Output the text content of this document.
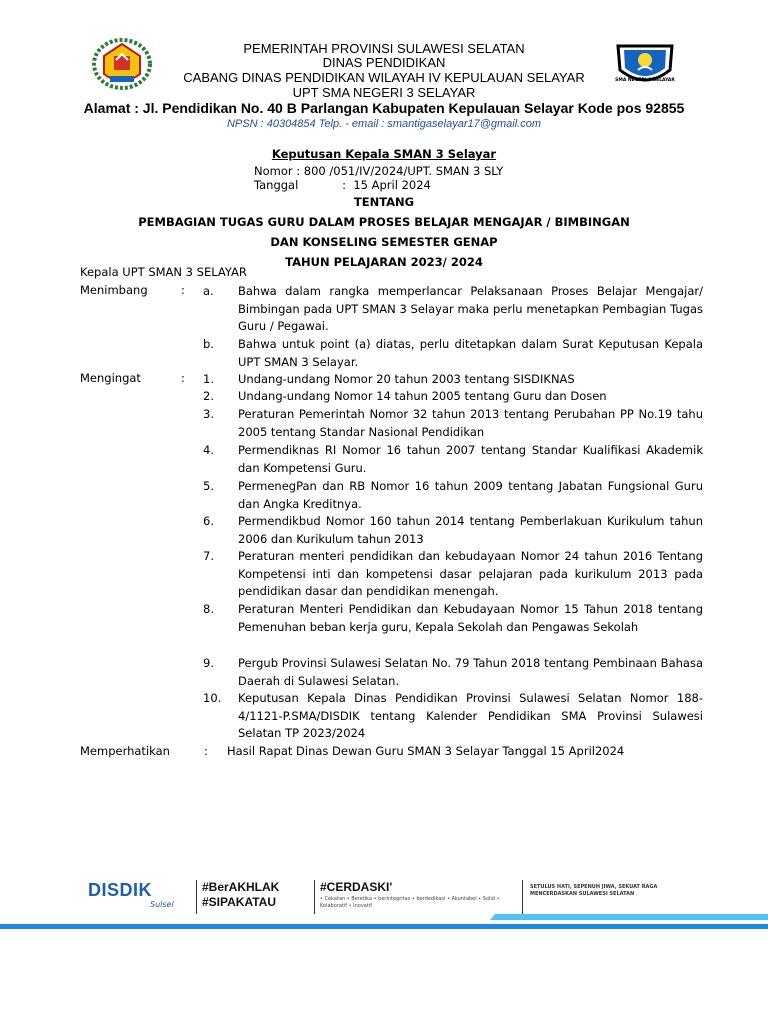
PEMERINTAH PROVINSI SULAWESI SELATAN
DINAS PENDIDIKAN
CABANG DINAS PENDIDIKAN WILAYAH IV KEPULAUAN SELAYAR
UPT SMA NEGERI 3 SELAYAR
Alamat : Jl. Pendidikan No. 40 B Parlangan Kabupaten Kepulauan Selayar Kode pos 92855
NPSN : 40304854 Telp. - email : smantigaselayar17@gmail.com
SMA NEGERI 3 SELAYAR
Keputusan Kepala SMAN 3 Selayar
Nomor : 800 /051/IV/2024/UPT. SMAN 3 SLY
Tanggal            :  15 April 2024
TENTANG
PEMBAGIAN TUGAS GURU DALAM PROSES BELAJAR MENGAJAR / BIMBINGAN
DAN KONSELING SEMESTER GENAP
TAHUN PELAJARAN 2023/ 2024
Kepala UPT SMAN 3 SELAYAR
Menimbang	: a. Bahwa dalam rangka memperlancar Pelaksanaan Proses Belajar Mengajar/ Bimbingan pada UPT SMAN 3 Selayar maka perlu menetapkan Pembagian Tugas Guru / Pegawai.
b. Bahwa untuk point (a) diatas, perlu ditetapkan dalam Surat Keputusan Kepala UPT SMAN 3 Selayar.
Mengingat	: 1. Undang-undang Nomor 20 tahun 2003 tentang SISDIKNAS
2. Undang-undang Nomor 14 tahun 2005 tentang Guru dan Dosen
3. Peraturan Pemerintah Nomor 32 tahun 2013 tentang Perubahan PP No.19 tahu 2005 tentang Standar Nasional Pendidikan
4. Permendiknas RI Nomor 16 tahun 2007 tentang Standar Kualifikasi Akademik dan Kompetensi Guru.
5. PermenegPan dan RB Nomor 16 tahun 2009 tentang Jabatan Fungsional Guru dan Angka Kreditnya.
6. Permendikbud Nomor 160 tahun 2014 tentang Pemberlakuan Kurikulum tahun 2006 dan Kurikulum tahun 2013
7. Peraturan menteri pendidikan dan kebudayaan Nomor 24 tahun 2016 Tentang Kompetensi inti dan kompetensi dasar pelajaran pada kurikulum 2013 pada pendidikan dasar dan pendidikan menengah.
8. Peraturan Menteri Pendidikan dan Kebudayaan Nomor 15 Tahun 2018 tentang Pemenuhan beban kerja guru, Kepala Sekolah dan Pengawas Sekolah
9. Pergub Provinsi Sulawesi Selatan No. 79 Tahun 2018 tentang Pembinaan Bahasa Daerah di Sulawesi Selatan.
10. Keputusan Kepala Dinas Pendidikan Provinsi Sulawesi Selatan Nomor 188-4/1121-P.SMA/DISDIK tentang Kalender Pendidikan SMA Provinsi Sulawesi Selatan TP 2023/2024
Memperhatikan	: Hasil Rapat Dinas Dewan Guru SMAN 3 Selayar Tanggal 15 April2024
DISDIK
Sulsel
#BerAKHLAK
#SIPAKATAU
#CERDASKI'
• Cekatan • Beretika • berintegritas • berdedikasi • Akuntabel • Solid • Kolaboratif • Inovatif
SETULUS HATI, SEPENUH JIWA, SEKUAT RAGA MENCERDASKAN SULAWESI SELATAN
